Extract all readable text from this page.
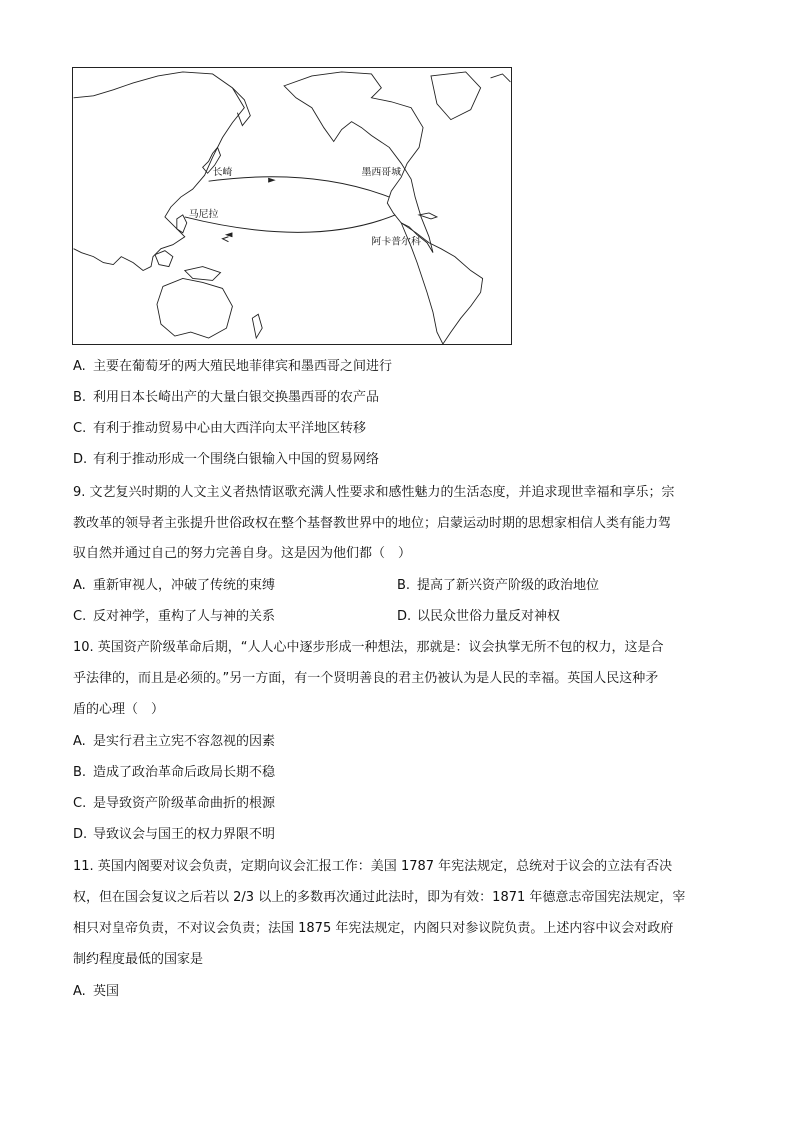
长崎
马尼拉
墨西哥城
阿卡普尔科
A. 主要在葡萄牙的两大殖民地菲律宾和墨西哥之间进行
B. 利用日本长崎出产的大量白银交换墨西哥的农产品
C. 有利于推动贸易中心由大西洋向太平洋地区转移
D. 有利于推动形成一个围绕白银输入中国的贸易网络
9. 文艺复兴时期的人文主义者热情讴歌充满人性要求和感性魅力的生活态度，并追求现世幸福和享乐；宗
教改革的领导者主张提升世俗政权在整个基督教世界中的地位；启蒙运动时期的思想家相信人类有能力驾
驭自然并通过自己的努力完善自身。这是因为他们都（　）
A. 重新审视人，冲破了传统的束缚	B. 提高了新兴资产阶级的政治地位
C. 反对神学，重构了人与神的关系	D. 以民众世俗力量反对神权
10. 英国资产阶级革命后期，“人人心中逐步形成一种想法，那就是：议会执掌无所不包的权力，这是合
乎法律的，而且是必须的。”另一方面，有一个贤明善良的君主仍被认为是人民的幸福。英国人民这种矛
盾的心理（　）
A. 是实行君主立宪不容忽视的因素
B. 造成了政治革命后政局长期不稳
C. 是导致资产阶级革命曲折的根源
D. 导致议会与国王的权力界限不明
11. 英国内阁要对议会负责，定期向议会汇报工作：美国 1787 年宪法规定，总统对于议会的立法有否决
权，但在国会复议之后若以 2/3 以上的多数再次通过此法时，即为有效：1871 年德意志帝国宪法规定，宰
相只对皇帝负责，不对议会负责；法国 1875 年宪法规定，内阁只对参议院负责。上述内容中议会对政府
制约程度最低的国家是
A. 英国
